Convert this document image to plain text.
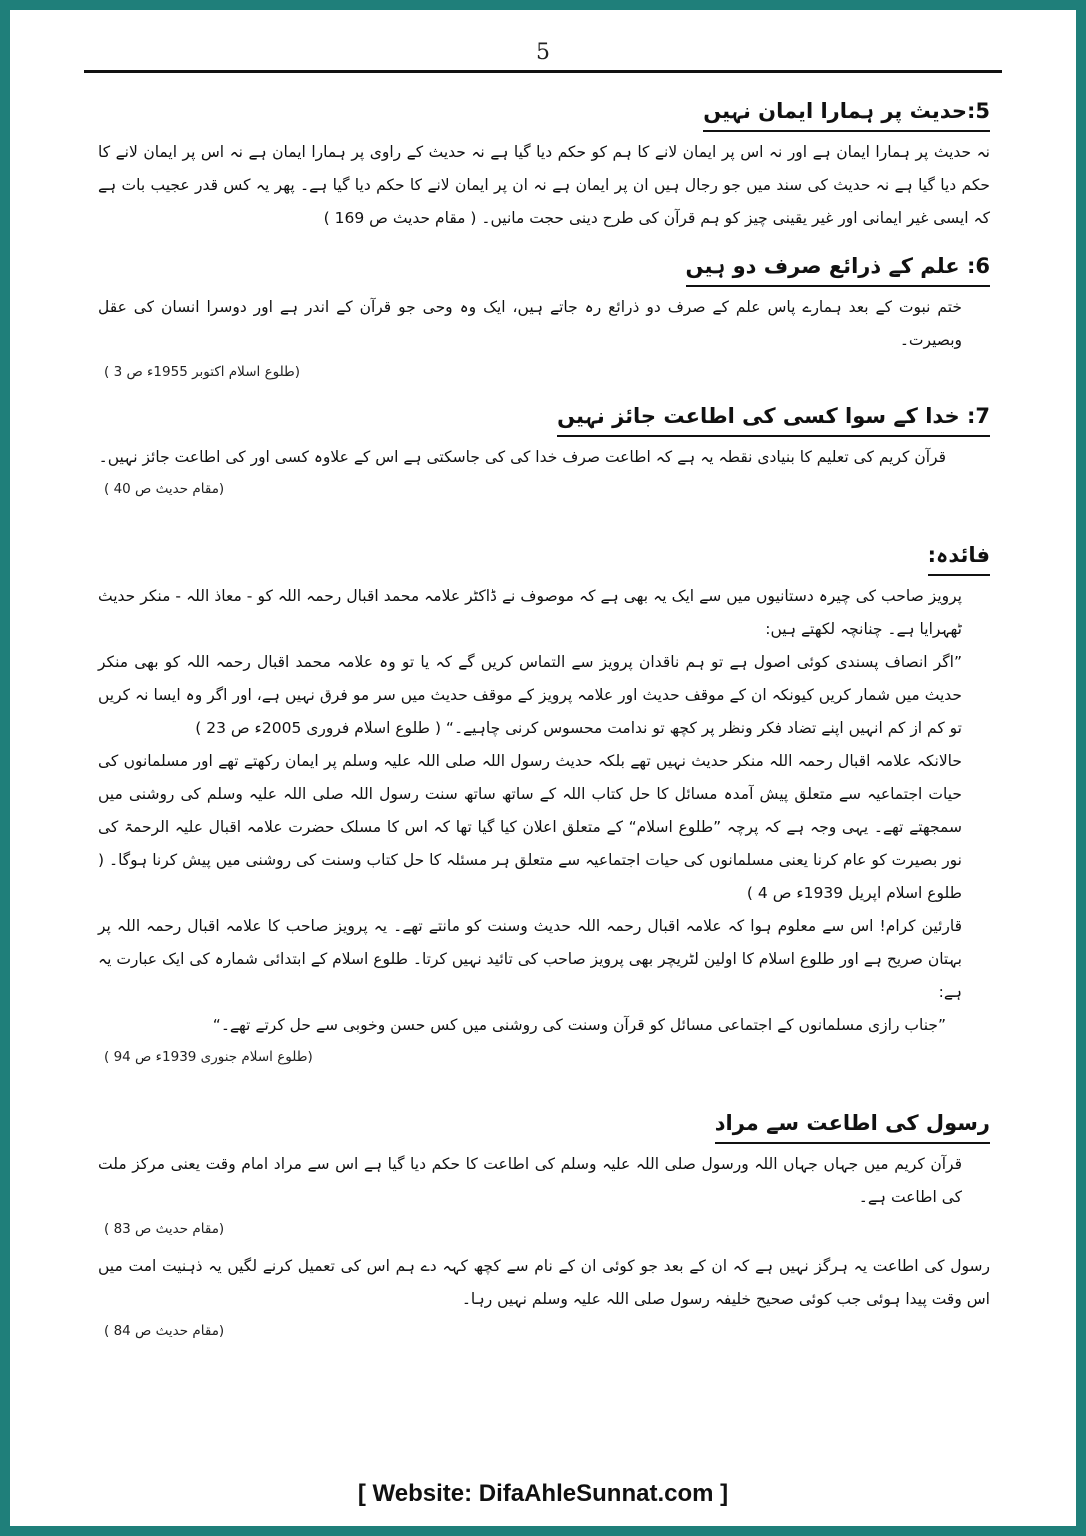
5
5:حدیث پر ہمارا ایمان نہیں

نہ حدیث پر ہمارا ایمان ہے اور نہ اس پر ایمان لانے کا ہم کو حکم دیا گیا ہے نہ حدیث کے راوی پر ہمارا ایمان ہے نہ اس پر ایمان لانے کا حکم دیا گیا ہے نہ حدیث کی سند میں جو رجال ہیں ان پر ایمان ہے نہ ان پر ایمان لانے کا حکم دیا گیا ہے۔ پھر یہ کس قدر عجیب بات ہے کہ ایسی غیر ایمانی اور غیر یقینی چیز کو ہم قرآن کی طرح دینی حجت مانیں۔ ( مقام حدیث ص 169 )

6: علم کے ذرائع صرف دو ہیں

ختم نبوت کے بعد ہمارے پاس علم کے صرف دو ذرائع رہ جاتے ہیں، ایک وہ وحی جو قرآن کے اندر ہے اور دوسرا انسان کی عقل وبصیرت۔

(طلوع اسلام اکتوبر 1955ء ص 3 )
7: خدا کے سوا کسی کی اطاعت جائز نہیں

قرآن کریم کی تعلیم کا بنیادی نقطہ یہ ہے کہ اطاعت صرف خدا کی کی جاسکتی ہے اس کے علاوہ کسی اور کی اطاعت جائز نہیں۔

(مقام حدیث ص 40 )
فائدہ:

پرویز صاحب کی چیرہ دستانیوں میں سے ایک یہ بھی ہے کہ موصوف نے ڈاکٹر علامہ محمد اقبال رحمہ اللہ کو - معاذ اللہ - منکر حدیث ٹھہرایا ہے۔ چنانچہ لکھتے ہیں:

”اگر انصاف پسندی کوئی اصول ہے تو ہم ناقدان پرویز سے التماس کریں گے کہ یا تو وہ علامہ محمد اقبال رحمہ اللہ کو بھی منکر حدیث میں شمار کریں کیونکہ ان کے موقف حدیث اور علامہ پرویز کے موقف حدیث میں سر مو فرق نہیں ہے، اور اگر وہ ایسا نہ کریں تو کم از کم انہیں اپنے تضاد فکر ونظر پر کچھ تو ندامت محسوس کرنی چاہیے۔“ ( طلوع اسلام فروری 2005ء ص 23 )

حالانکہ علامہ اقبال رحمہ اللہ منکر حدیث نہیں تھے بلکہ حدیث رسول اللہ صلی اللہ علیہ وسلم پر ایمان رکھتے تھے اور مسلمانوں کی حیات اجتماعیہ سے متعلق پیش آمدہ مسائل کا حل کتاب اللہ کے ساتھ ساتھ سنت رسول اللہ صلی اللہ علیہ وسلم کی روشنی میں سمجھتے تھے۔ یہی وجہ ہے کہ پرچہ ”طلوع اسلام“ کے متعلق اعلان کیا گیا تھا کہ اس کا مسلک حضرت علامہ اقبال علیہ الرحمۃ کی نور بصیرت کو عام کرنا یعنی مسلمانوں کی حیات اجتماعیہ سے متعلق ہر مسئلہ کا حل کتاب وسنت کی روشنی میں پیش کرنا ہوگا۔ ( طلوع اسلام اپریل 1939ء ص 4 )

قارئین کرام! اس سے معلوم ہوا کہ علامہ اقبال رحمہ اللہ حدیث وسنت کو مانتے تھے۔ یہ پرویز صاحب کا علامہ اقبال رحمہ اللہ پر بہتان صریح ہے اور طلوع اسلام کا اولین لٹریچر بھی پرویز صاحب کی تائید نہیں کرتا۔ طلوع اسلام کے ابتدائی شمارہ کی ایک عبارت یہ ہے:

”جناب رازی مسلمانوں کے اجتماعی مسائل کو قرآن وسنت کی روشنی میں کس حسن وخوبی سے حل کرتے تھے۔“

(طلوع اسلام جنوری 1939ء ص 94 )
رسول کی اطاعت سے مراد

قرآن کریم میں جہاں جہاں اللہ ورسول صلی اللہ علیہ وسلم کی اطاعت کا حکم دیا گیا ہے اس سے مراد امام وقت یعنی مرکز ملت کی اطاعت ہے۔

(مقام حدیث ص 83 )

رسول کی اطاعت یہ ہرگز نہیں ہے کہ ان کے بعد جو کوئی ان کے نام سے کچھ کہہ دے ہم اس کی تعمیل کرنے لگیں یہ ذہنیت امت میں اس وقت پیدا ہوئی جب کوئی صحیح خلیفہ رسول صلی اللہ علیہ وسلم نہیں رہا۔

(مقام حدیث ص 84 )
[ Website: DifaAhleSunnat.com ]
